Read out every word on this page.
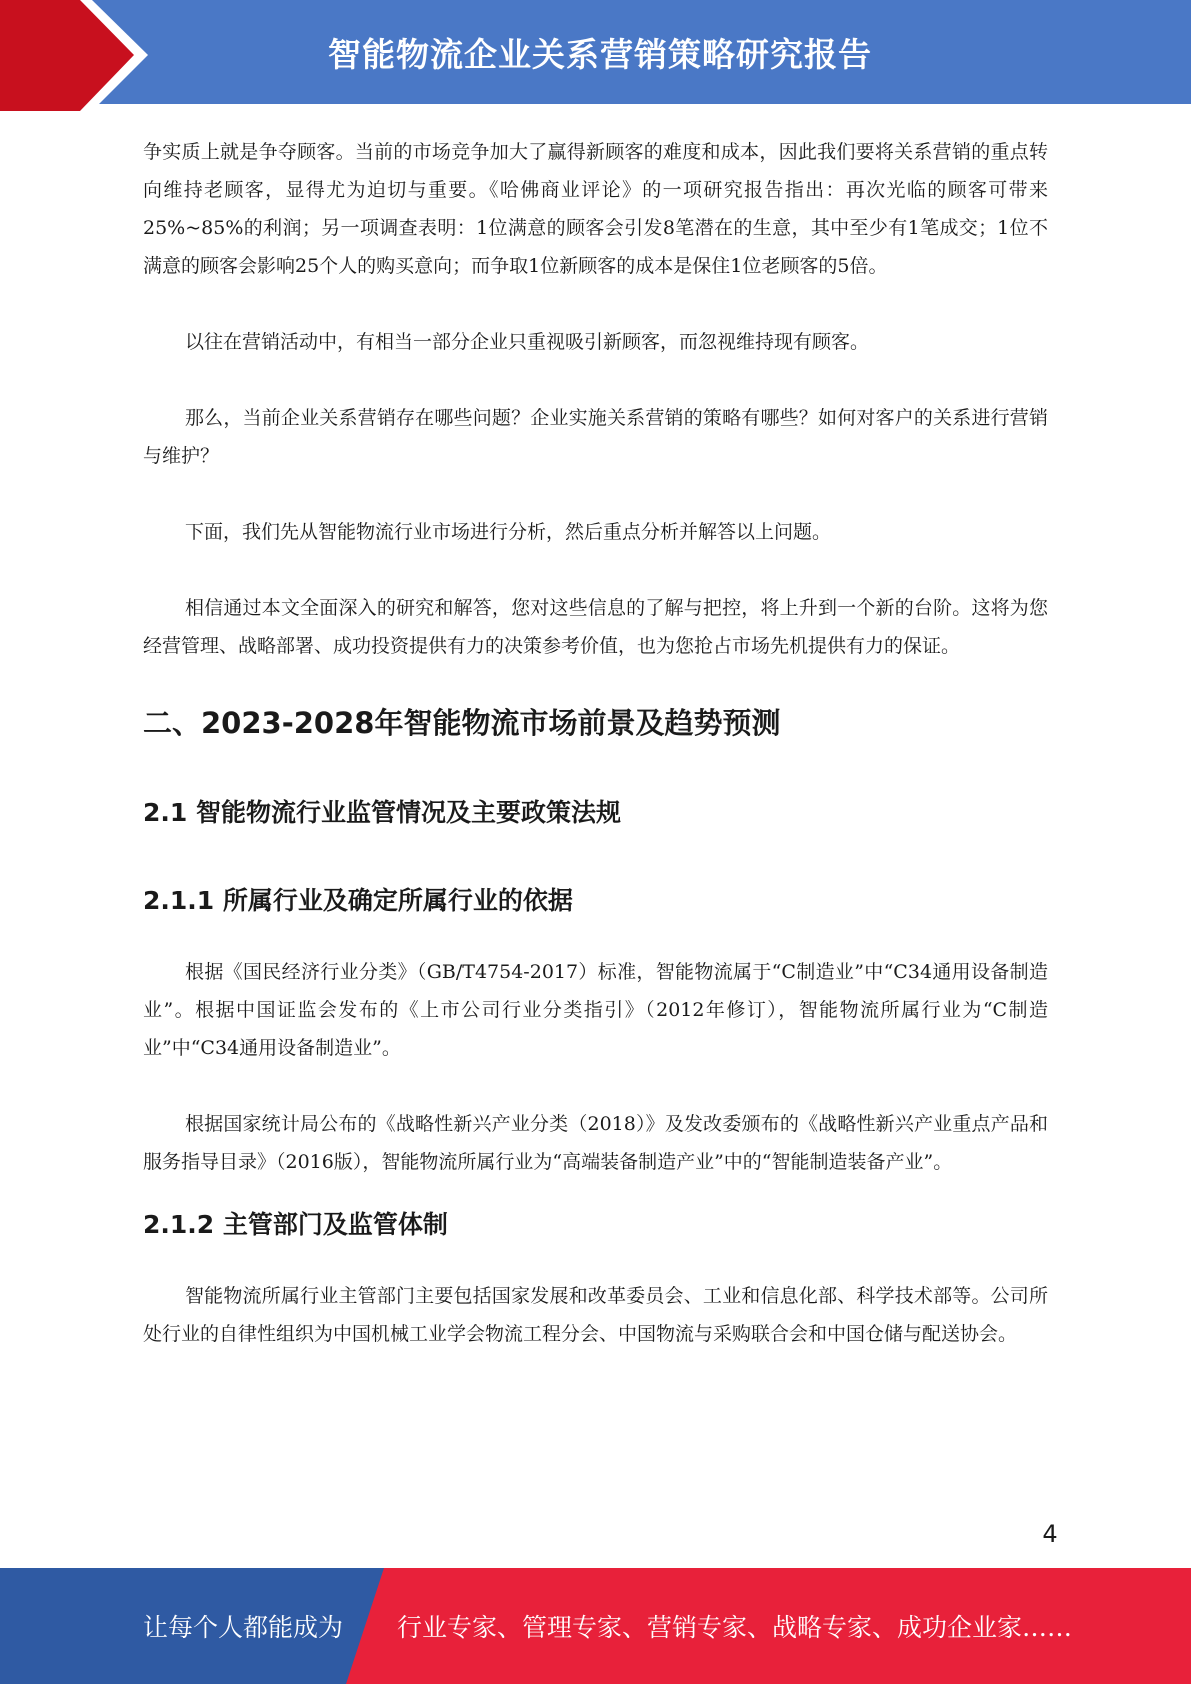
智能物流企业关系营销策略研究报告

争实质上就是争夺顾客。当前的市场竞争加大了赢得新顾客的难度和成本，因此我们要将关系营销的重点转向维持老顾客，显得尤为迫切与重要。《哈佛商业评论》的一项研究报告指出：再次光临的顾客可带来25%~85%的利润；另一项调查表明：1位满意的顾客会引发8笔潜在的生意，其中至少有1笔成交；1位不满意的顾客会影响25个人的购买意向；而争取1位新顾客的成本是保住1位老顾客的5倍。

以往在营销活动中，有相当一部分企业只重视吸引新顾客，而忽视维持现有顾客。

那么，当前企业关系营销存在哪些问题？企业实施关系营销的策略有哪些？如何对客户的关系进行营销与维护？

下面，我们先从智能物流行业市场进行分析，然后重点分析并解答以上问题。

相信通过本文全面深入的研究和解答，您对这些信息的了解与把控，将上升到一个新的台阶。这将为您经营管理、战略部署、成功投资提供有力的决策参考价值，也为您抢占市场先机提供有力的保证。

二、2023-2028年智能物流市场前景及趋势预测
2.1 智能物流行业监管情况及主要政策法规
2.1.1 所属行业及确定所属行业的依据

根据《国民经济行业分类》（GB/T4754-2017）标准，智能物流属于“C制造业”中“C34通用设备制造业”。根据中国证监会发布的《上市公司行业分类指引》（2012年修订），智能物流所属行业为“C制造业”中“C34通用设备制造业”。

根据国家统计局公布的《战略性新兴产业分类（2018）》及发改委颁布的《战略性新兴产业重点产品和服务指导目录》（2016版），智能物流所属行业为“高端装备制造产业”中的“智能制造装备产业”。

2.1.2 主管部门及监管体制

智能物流所属行业主管部门主要包括国家发展和改革委员会、工业和信息化部、科学技术部等。公司所处行业的自律性组织为中国机械工业学会物流工程分会、中国物流与采购联合会和中国仓储与配送协会。

4
让每个人都能成为 行业专家、管理专家、营销专家、战略专家、成功企业家……
